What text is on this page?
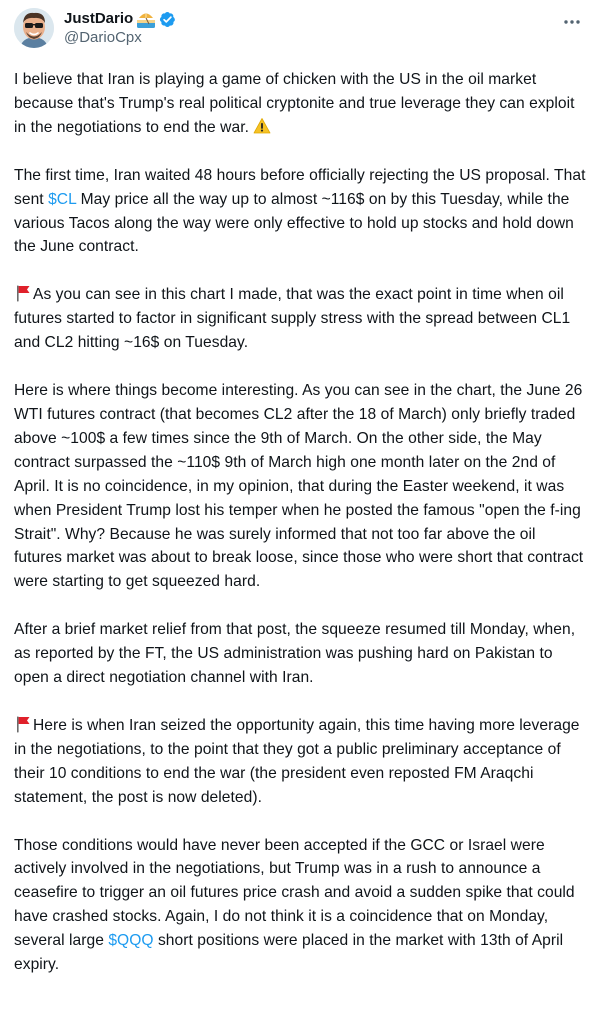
JustDario
@DarioCpx

I believe that Iran is playing a game of chicken with the US in the oil market because that's Trump's real political cryptonite and true leverage they can exploit in the negotiations to end the war.

The first time, Iran waited 48 hours before officially rejecting the US proposal. That sent $CL May price all the way up to almost ~116$ on by this Tuesday, while the various Tacos along the way were only effective to hold up stocks and hold down the June contract.

As you can see in this chart I made, that was the exact point in time when oil futures started to factor in significant supply stress with the spread between CL1 and CL2 hitting ~16$ on Tuesday.

Here is where things become interesting. As you can see in the chart, the June 26 WTI futures contract (that becomes CL2 after the 18 of March) only briefly traded above ~100$ a few times since the 9th of March. On the other side, the May contract surpassed the ~110$ 9th of March high one month later on the 2nd of April. It is no coincidence, in my opinion, that during the Easter weekend, it was when President Trump lost his temper when he posted the famous "open the f-ing Strait". Why? Because he was surely informed that not too far above the oil futures market was about to break loose, since those who were short that contract were starting to get squeezed hard.

After a brief market relief from that post, the squeeze resumed till Monday, when, as reported by the FT, the US administration was pushing hard on Pakistan to open a direct negotiation channel with Iran.

Here is when Iran seized the opportunity again, this time having more leverage in the negotiations, to the point that they got a public preliminary acceptance of their 10 conditions to end the war (the president even reposted FM Araqchi statement, the post is now deleted).

Those conditions would have never been accepted if the GCC or Israel were actively involved in the negotiations, but Trump was in a rush to announce a ceasefire to trigger an oil futures price crash and avoid a sudden spike that could have crashed stocks. Again, I do not think it is a coincidence that on Monday, several large $QQQ short positions were placed in the market with 13th of April expiry.
